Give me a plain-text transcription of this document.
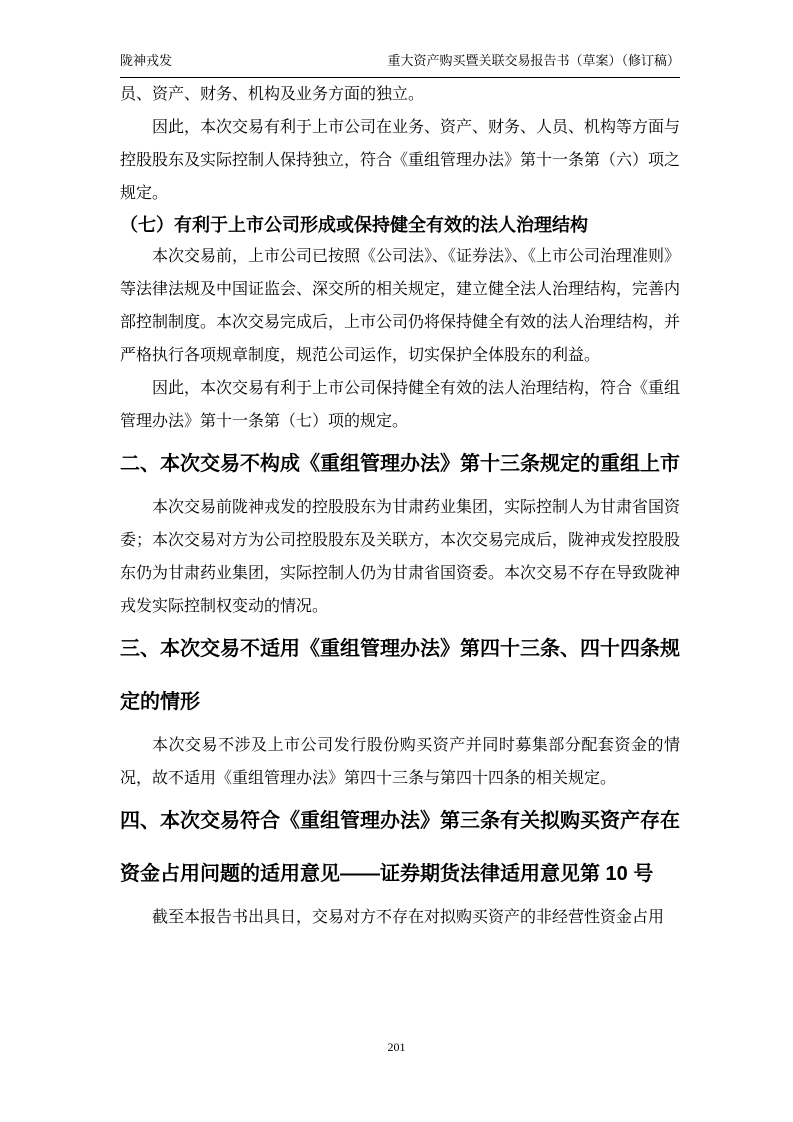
陇神戎发	重大资产购买暨关联交易报告书（草案）（修订稿）

员、资产、财务、机构及业务方面的独立。

因此，本次交易有利于上市公司在业务、资产、财务、人员、机构等方面与控股股东及实际控制人保持独立，符合《重组管理办法》第十一条第（六）项之规定。

（七）有利于上市公司形成或保持健全有效的法人治理结构

本次交易前，上市公司已按照《公司法》、《证券法》、《上市公司治理准则》等法律法规及中国证监会、深交所的相关规定，建立健全法人治理结构，完善内部控制制度。本次交易完成后，上市公司仍将保持健全有效的法人治理结构，并严格执行各项规章制度，规范公司运作，切实保护全体股东的利益。

因此，本次交易有利于上市公司保持健全有效的法人治理结构，符合《重组管理办法》第十一条第（七）项的规定。

二、本次交易不构成《重组管理办法》第十三条规定的重组上市

本次交易前陇神戎发的控股股东为甘肃药业集团，实际控制人为甘肃省国资委；本次交易对方为公司控股股东及关联方，本次交易完成后，陇神戎发控股股东仍为甘肃药业集团，实际控制人仍为甘肃省国资委。本次交易不存在导致陇神戎发实际控制权变动的情况。

三、本次交易不适用《重组管理办法》第四十三条、四十四条规定的情形

本次交易不涉及上市公司发行股份购买资产并同时募集部分配套资金的情况，故不适用《重组管理办法》第四十三条与第四十四条的相关规定。

四、本次交易符合《重组管理办法》第三条有关拟购买资产存在资金占用问题的适用意见——证券期货法律适用意见第 10 号

截至本报告书出具日，交易对方不存在对拟购买资产的非经营性资金占用

201
